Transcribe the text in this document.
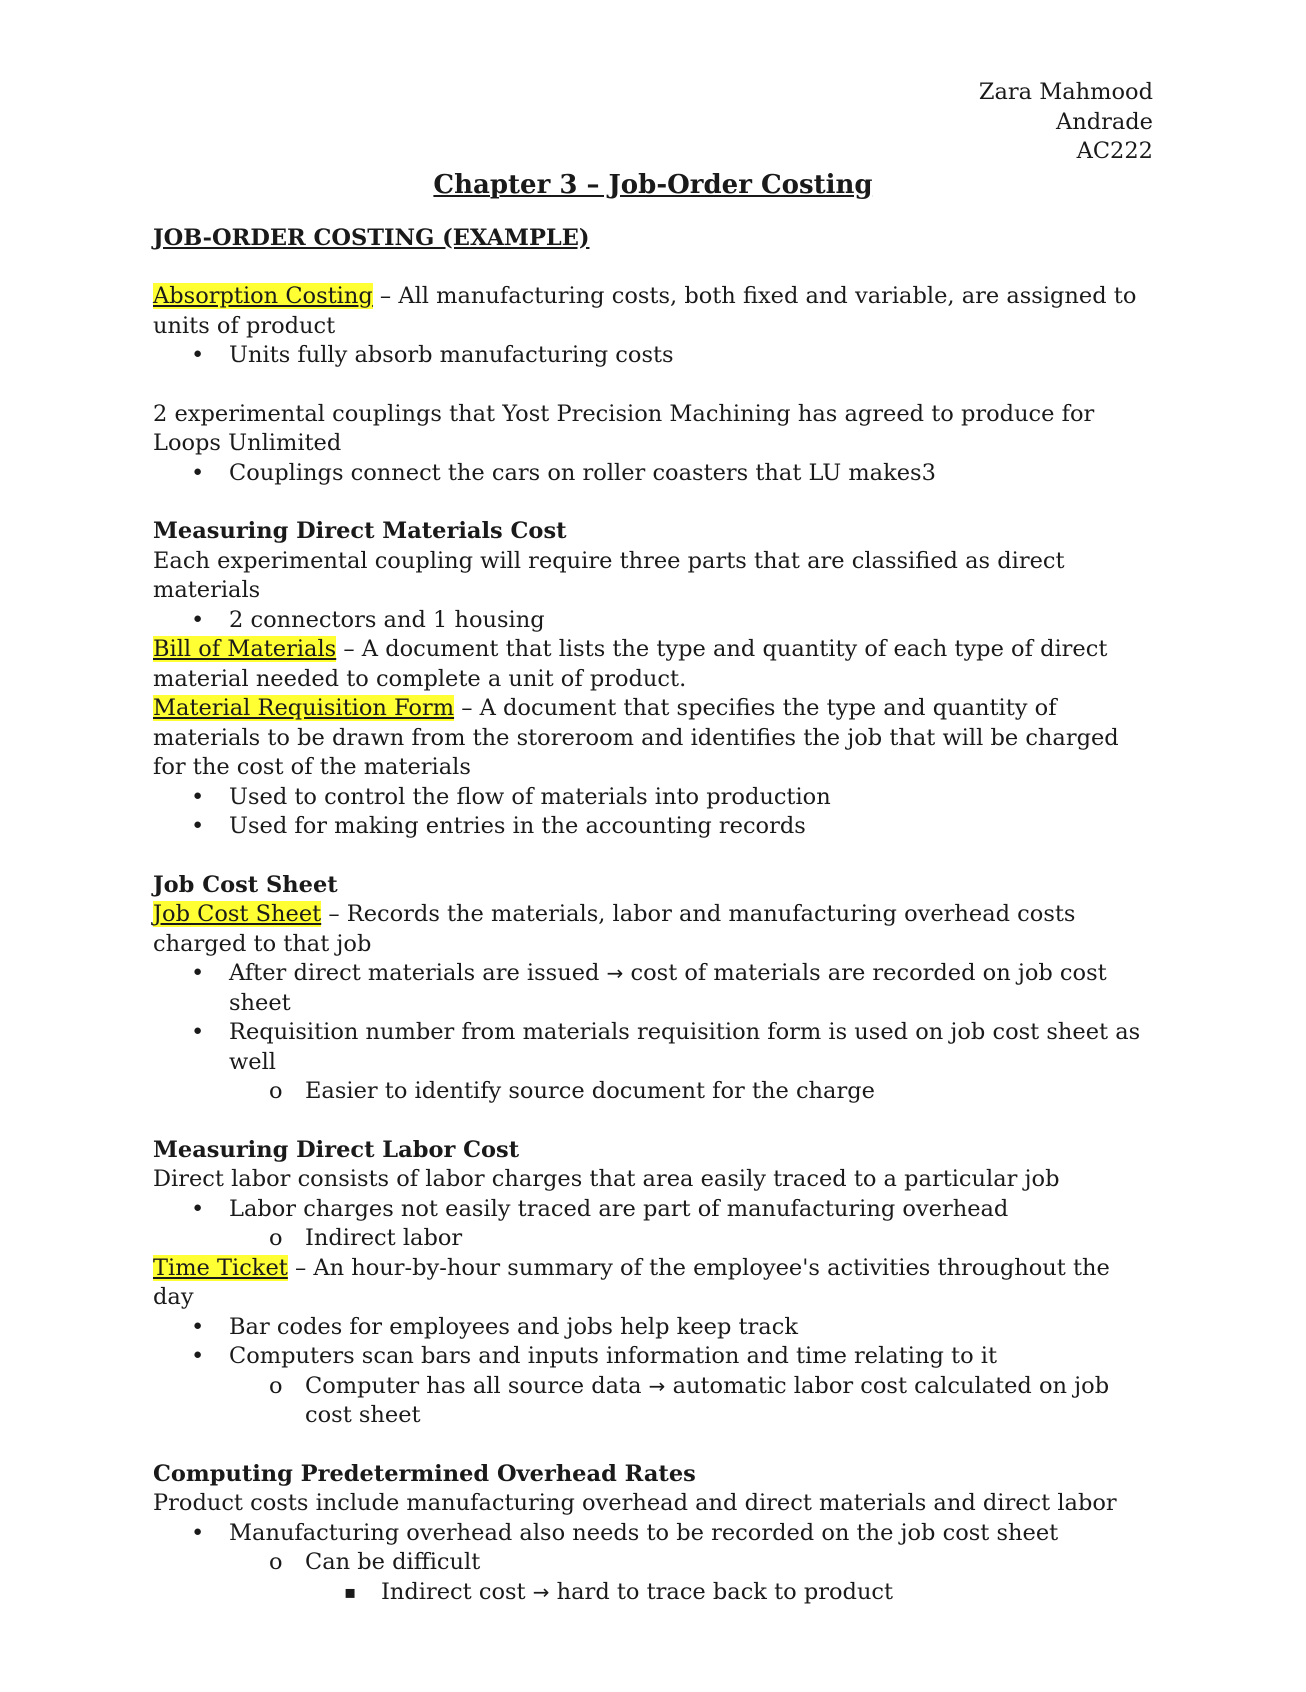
Zara Mahmood
Andrade
AC222
Chapter 3 – Job-Order Costing
JOB-ORDER COSTING (EXAMPLE)
Absorption Costing – All manufacturing costs, both fixed and variable, are assigned to units of product
• Units fully absorb manufacturing costs
2 experimental couplings that Yost Precision Machining has agreed to produce for Loops Unlimited
• Couplings connect the cars on roller coasters that LU makes3
Measuring Direct Materials Cost
Each experimental coupling will require three parts that are classified as direct materials
• 2 connectors and 1 housing
Bill of Materials – A document that lists the type and quantity of each type of direct material needed to complete a unit of product.
Material Requisition Form – A document that specifies the type and quantity of materials to be drawn from the storeroom and identifies the job that will be charged for the cost of the materials
• Used to control the flow of materials into production
• Used for making entries in the accounting records
Job Cost Sheet
Job Cost Sheet – Records the materials, labor and manufacturing overhead costs charged to that job
• After direct materials are issued → cost of materials are recorded on job cost sheet
• Requisition number from materials requisition form is used on job cost sheet as well
o Easier to identify source document for the charge
Measuring Direct Labor Cost
Direct labor consists of labor charges that area easily traced to a particular job
• Labor charges not easily traced are part of manufacturing overhead
o Indirect labor
Time Ticket – An hour-by-hour summary of the employee's activities throughout the day
• Bar codes for employees and jobs help keep track
• Computers scan bars and inputs information and time relating to it
o Computer has all source data → automatic labor cost calculated on job cost sheet
Computing Predetermined Overhead Rates
Product costs include manufacturing overhead and direct materials and direct labor
• Manufacturing overhead also needs to be recorded on the job cost sheet
o Can be difficult
▪ Indirect cost → hard to trace back to product
